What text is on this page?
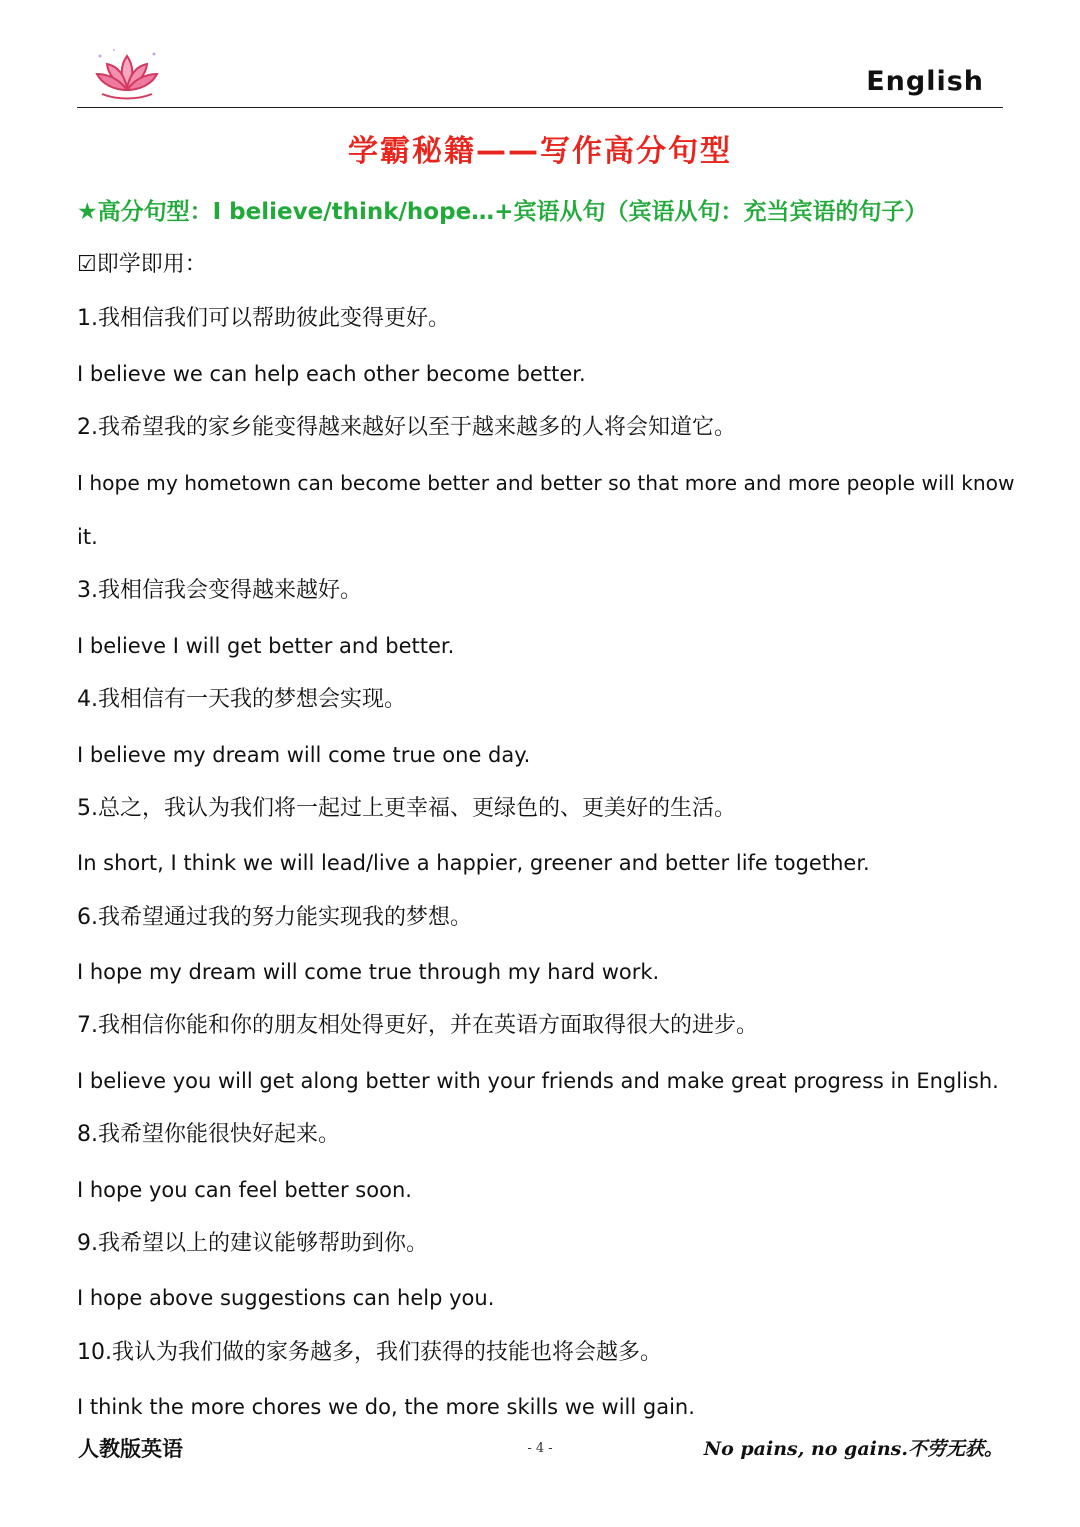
English
学霸秘籍——写作高分句型
★高分句型：I believe/think/hope…+宾语从句（宾语从句：充当宾语的句子）
☑即学即用：
1.我相信我们可以帮助彼此变得更好。
I believe we can help each other become better.
2.我希望我的家乡能变得越来越好以至于越来越多的人将会知道它。
I hope my hometown can become better and better so that more and more people will know
it.
3.我相信我会变得越来越好。
I believe I will get better and better.
4.我相信有一天我的梦想会实现。
I believe my dream will come true one day.
5.总之，我认为我们将一起过上更幸福、更绿色的、更美好的生活。
In short, I think we will lead/live a happier, greener and better life together.
6.我希望通过我的努力能实现我的梦想。
I hope my dream will come true through my hard work.
7.我相信你能和你的朋友相处得更好，并在英语方面取得很大的进步。
I believe you will get along better with your friends and make great progress in English.
8.我希望你能很快好起来。
I hope you can feel better soon.
9.我希望以上的建议能够帮助到你。
I hope above suggestions can help you.
10.我认为我们做的家务越多，我们获得的技能也将会越多。
I think the more chores we do, the more skills we will gain.
人教版英语	- 4 -	No pains, no gains.不劳无获。
